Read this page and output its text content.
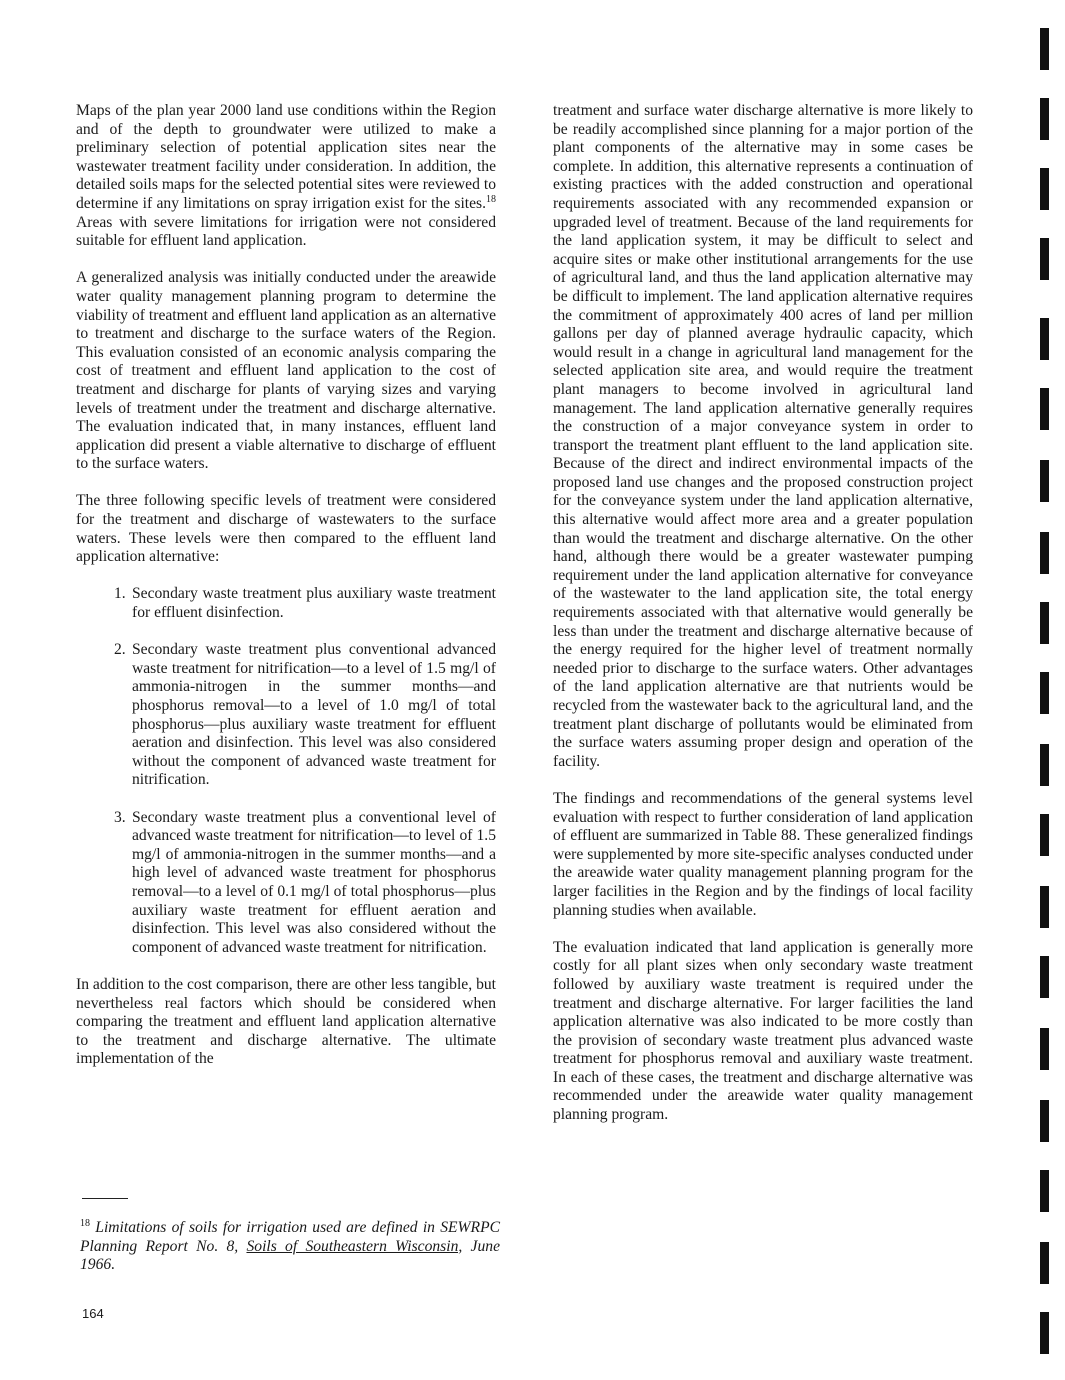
Maps of the plan year 2000 land use conditions within the Region and of the depth to groundwater were utilized to make a preliminary selection of potential application sites near the wastewater treatment facility under consideration. In addition, the detailed soils maps for the selected potential sites were reviewed to determine if any limitations on spray irrigation exist for the sites.$^{18}$ Areas with severe limitations for irrigation were not considered suitable for effluent land application.

A generalized analysis was initially conducted under the areawide water quality management planning program to determine the viability of treatment and effluent land application as an alternative to treatment and discharge to the surface waters of the Region. This evaluation consisted of an economic analysis comparing the cost of treatment and effluent land application to the cost of treatment and discharge for plants of varying sizes and varying levels of treatment under the treatment and discharge alternative. The evaluation indicated that, in many instances, effluent land application did present a viable alternative to discharge of effluent to the surface waters.

The three following specific levels of treatment were considered for the treatment and discharge of wastewaters to the surface waters. These levels were then compared to the effluent land application alternative:

1. Secondary waste treatment plus auxiliary waste treatment for effluent disinfection.
2. Secondary waste treatment plus conventional advanced waste treatment for nitrification—to a level of 1.5 mg/l of ammonia-nitrogen in the summer months—and phosphorus removal—to a level of 1.0 mg/l of total phosphorus—plus auxiliary waste treatment for effluent aeration and disinfection. This level was also considered without the component of advanced waste treatment for nitrification.
3. Secondary waste treatment plus a conventional level of advanced waste treatment for nitrification—to level of 1.5 mg/l of ammonia-nitrogen in the summer months—and a high level of advanced waste treatment for phosphorus removal—to a level of 0.1 mg/l of total phosphorus—plus auxiliary waste treatment for effluent aeration and disinfection. This level was also considered without the component of advanced waste treatment for nitrification.

In addition to the cost comparison, there are other less tangible, but nevertheless real factors which should be considered when comparing the treatment and effluent land application alternative to the treatment and discharge alternative. The ultimate implementation of the

$^{18}$ Limitations of soils for irrigation used are defined in SEWRPC Planning Report No. 8, Soils of Southeastern Wisconsin, June 1966.

treatment and surface water discharge alternative is more likely to be readily accomplished since planning for a major portion of the plant components of the alternative may in some cases be complete. In addition, this alternative represents a continuation of existing practices with the added construction and operational requirements associated with any recommended expansion or upgraded level of treatment. Because of the land requirements for the land application system, it may be difficult to select and acquire sites or make other institutional arrangements for the use of agricultural land, and thus the land application alternative may be difficult to implement. The land application alternative requires the commitment of approximately 400 acres of land per million gallons per day of planned average hydraulic capacity, which would result in a change in agricultural land management for the selected application site area, and would require the treatment plant managers to become involved in agricultural land management. The land application alternative generally requires the construction of a major conveyance system in order to transport the treatment plant effluent to the land application site. Because of the direct and indirect environmental impacts of the proposed land use changes and the proposed construction project for the conveyance system under the land application alternative, this alternative would affect more area and a greater population than would the treatment and discharge alternative. On the other hand, although there would be a greater wastewater pumping requirement under the land application alternative for conveyance of the wastewater to the land application site, the total energy requirements associated with that alternative would generally be less than under the treatment and discharge alternative because of the energy required for the higher level of treatment normally needed prior to discharge to the surface waters. Other advantages of the land application alternative are that nutrients would be recycled from the wastewater back to the agricultural land, and the treatment plant discharge of pollutants would be eliminated from the surface waters assuming proper design and operation of the facility.

The findings and recommendations of the general systems level evaluation with respect to further consideration of land application of effluent are summarized in Table 88. These generalized findings were supplemented by more site-specific analyses conducted under the areawide water quality management planning program for the larger facilities in the Region and by the findings of local facility planning studies when available.

The evaluation indicated that land application is generally more costly for all plant sizes when only secondary waste treatment followed by auxiliary waste treatment is required under the treatment and discharge alternative. For larger facilities the land application alternative was also indicated to be more costly than the provision of secondary waste treatment plus advanced waste treatment for phosphorus removal and auxiliary waste treatment. In each of these cases, the treatment and discharge alternative was recommended under the areawide water quality management planning program.

164
